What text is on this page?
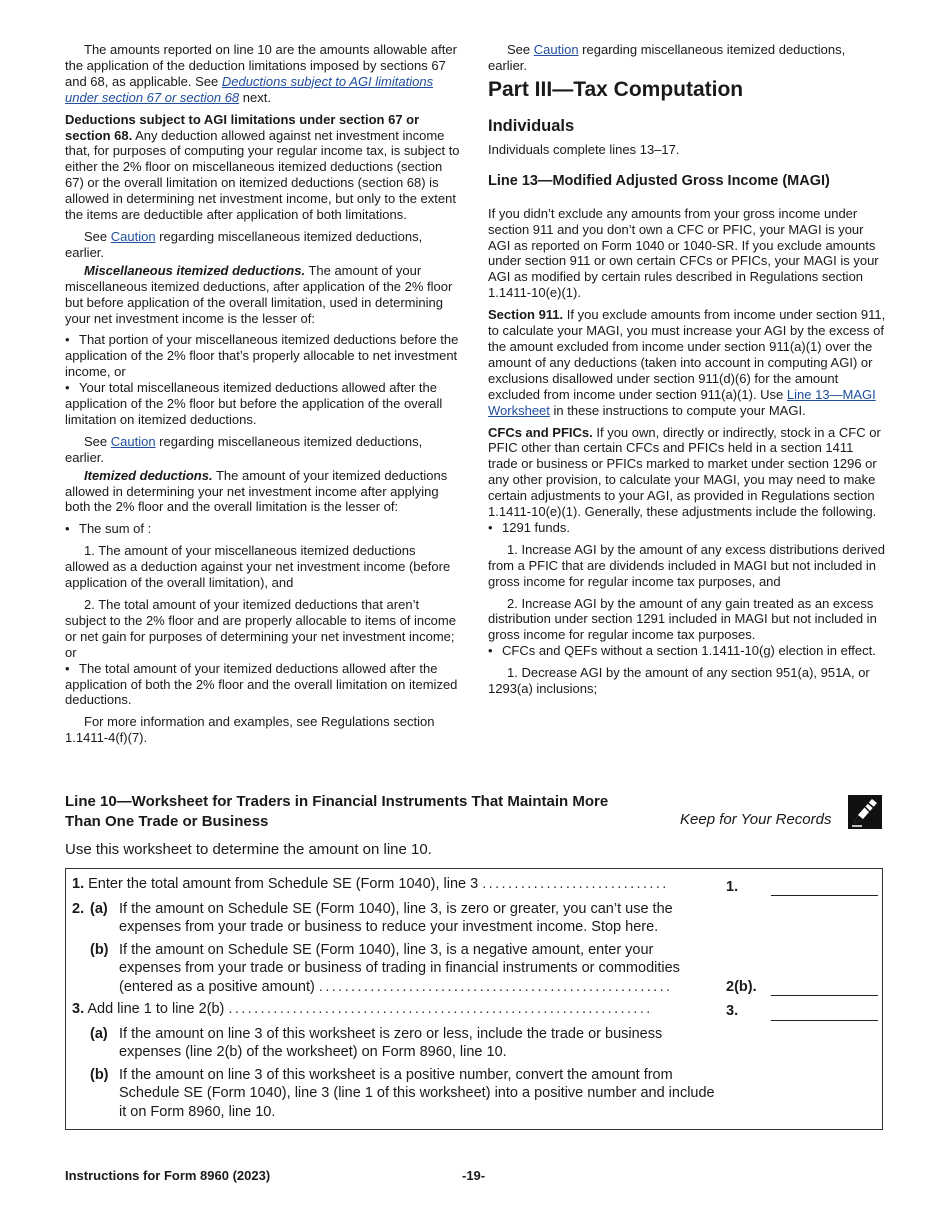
The amounts reported on line 10 are the amounts allowable after the application of the deduction limitations imposed by sections 67 and 68, as applicable. See Deductions subject to AGI limitations under section 67 or section 68 next.

Deductions subject to AGI limitations under section 67 or section 68. Any deduction allowed against net investment income that, for purposes of computing your regular income tax, is subject to either the 2% floor on miscellaneous itemized deductions (section 67) or the overall limitation on itemized deductions (section 68) is allowed in determining net investment income, but only to the extent the items are deductible after application of both limitations.

See Caution regarding miscellaneous itemized deductions, earlier.

Miscellaneous itemized deductions. The amount of your miscellaneous itemized deductions, after application of the 2% floor but before application of the overall limitation, used in determining your net investment income is the lesser of:

• That portion of your miscellaneous itemized deductions before the application of the 2% floor that’s properly allocable to net investment income, or

• Your total miscellaneous itemized deductions allowed after the application of the 2% floor but before the application of the overall limitation on itemized deductions.

See Caution regarding miscellaneous itemized deductions, earlier.

Itemized deductions. The amount of your itemized deductions allowed in determining your net investment income after applying both the 2% floor and the overall limitation is the lesser of:

• The sum of :

1. The amount of your miscellaneous itemized deductions allowed as a deduction against your net investment income (before application of the overall limitation), and

2. The total amount of your itemized deductions that aren’t subject to the 2% floor and are properly allocable to items of income or net gain for purposes of determining your net investment income; or

• The total amount of your itemized deductions allowed after the application of both the 2% floor and the overall limitation on itemized deductions.

For more information and examples, see Regulations section 1.1411-4(f)(7).

See Caution regarding miscellaneous itemized deductions, earlier.

Part III—Tax Computation
Individuals

Individuals complete lines 13–17.

Line 13—Modified Adjusted Gross Income (MAGI)

If you didn’t exclude any amounts from your gross income under section 911 and you don’t own a CFC or PFIC, your MAGI is your AGI as reported on Form 1040 or 1040-SR. If you exclude amounts under section 911 or own certain CFCs or PFICs, your MAGI is your AGI as modified by certain rules described in Regulations section 1.1411-10(e)(1).

Section 911. If you exclude amounts from income under section 911, to calculate your MAGI, you must increase your AGI by the excess of the amount excluded from income under section 911(a)(1) over the amount of any deductions (taken into account in computing AGI) or exclusions disallowed under section 911(d)(6) for the amount excluded from income under section 911(a)(1). Use Line 13—MAGI Worksheet in these instructions to compute your MAGI.

CFCs and PFICs. If you own, directly or indirectly, stock in a CFC or PFIC other than certain CFCs and PFICs held in a section 1411 trade or business or PFICs marked to market under section 1296 or any other provision, to calculate your MAGI, you may need to make certain adjustments to your AGI, as provided in Regulations section 1.1411-10(e)(1). Generally, these adjustments include the following.

• 1291 funds.

1. Increase AGI by the amount of any excess distributions derived from a PFIC that are dividends included in MAGI but not included in gross income for regular income tax purposes, and

2. Increase AGI by the amount of any gain treated as an excess distribution under section 1291 included in MAGI but not included in gross income for regular income tax purposes.

• CFCs and QEFs without a section 1.1411-10(g) election in effect.

1. Decrease AGI by the amount of any section 951(a), 951A, or 1293(a) inclusions;

Line 10—Worksheet for Traders in Financial Instruments That Maintain More Than One Trade or Business	Keep for Your Records
Use this worksheet to determine the amount on line 10.
1. Enter the total amount from Schedule SE (Form 1040), line 3 .............................	1.
2. (a) If the amount on Schedule SE (Form 1040), line 3, is zero or greater, you can’t use the expenses from your trade or business to reduce your investment income. Stop here.
(b) If the amount on Schedule SE (Form 1040), line 3, is a negative amount, enter your expenses from your trade or business of trading in financial instruments or commodities
(entered as a positive amount) .......................................................	2(b).
3. Add line 1 to line 2(b) ..................................................................	3.
(a) If the amount on line 3 of this worksheet is zero or less, include the trade or business expenses (line 2(b) of the worksheet) on Form 8960, line 10.
(b) If the amount on line 3 of this worksheet is a positive number, convert the amount from Schedule SE (Form 1040), line 3 (line 1 of this worksheet) into a positive number and include it on Form 8960, line 10.
Instructions for Form 8960 (2023)	-19-
